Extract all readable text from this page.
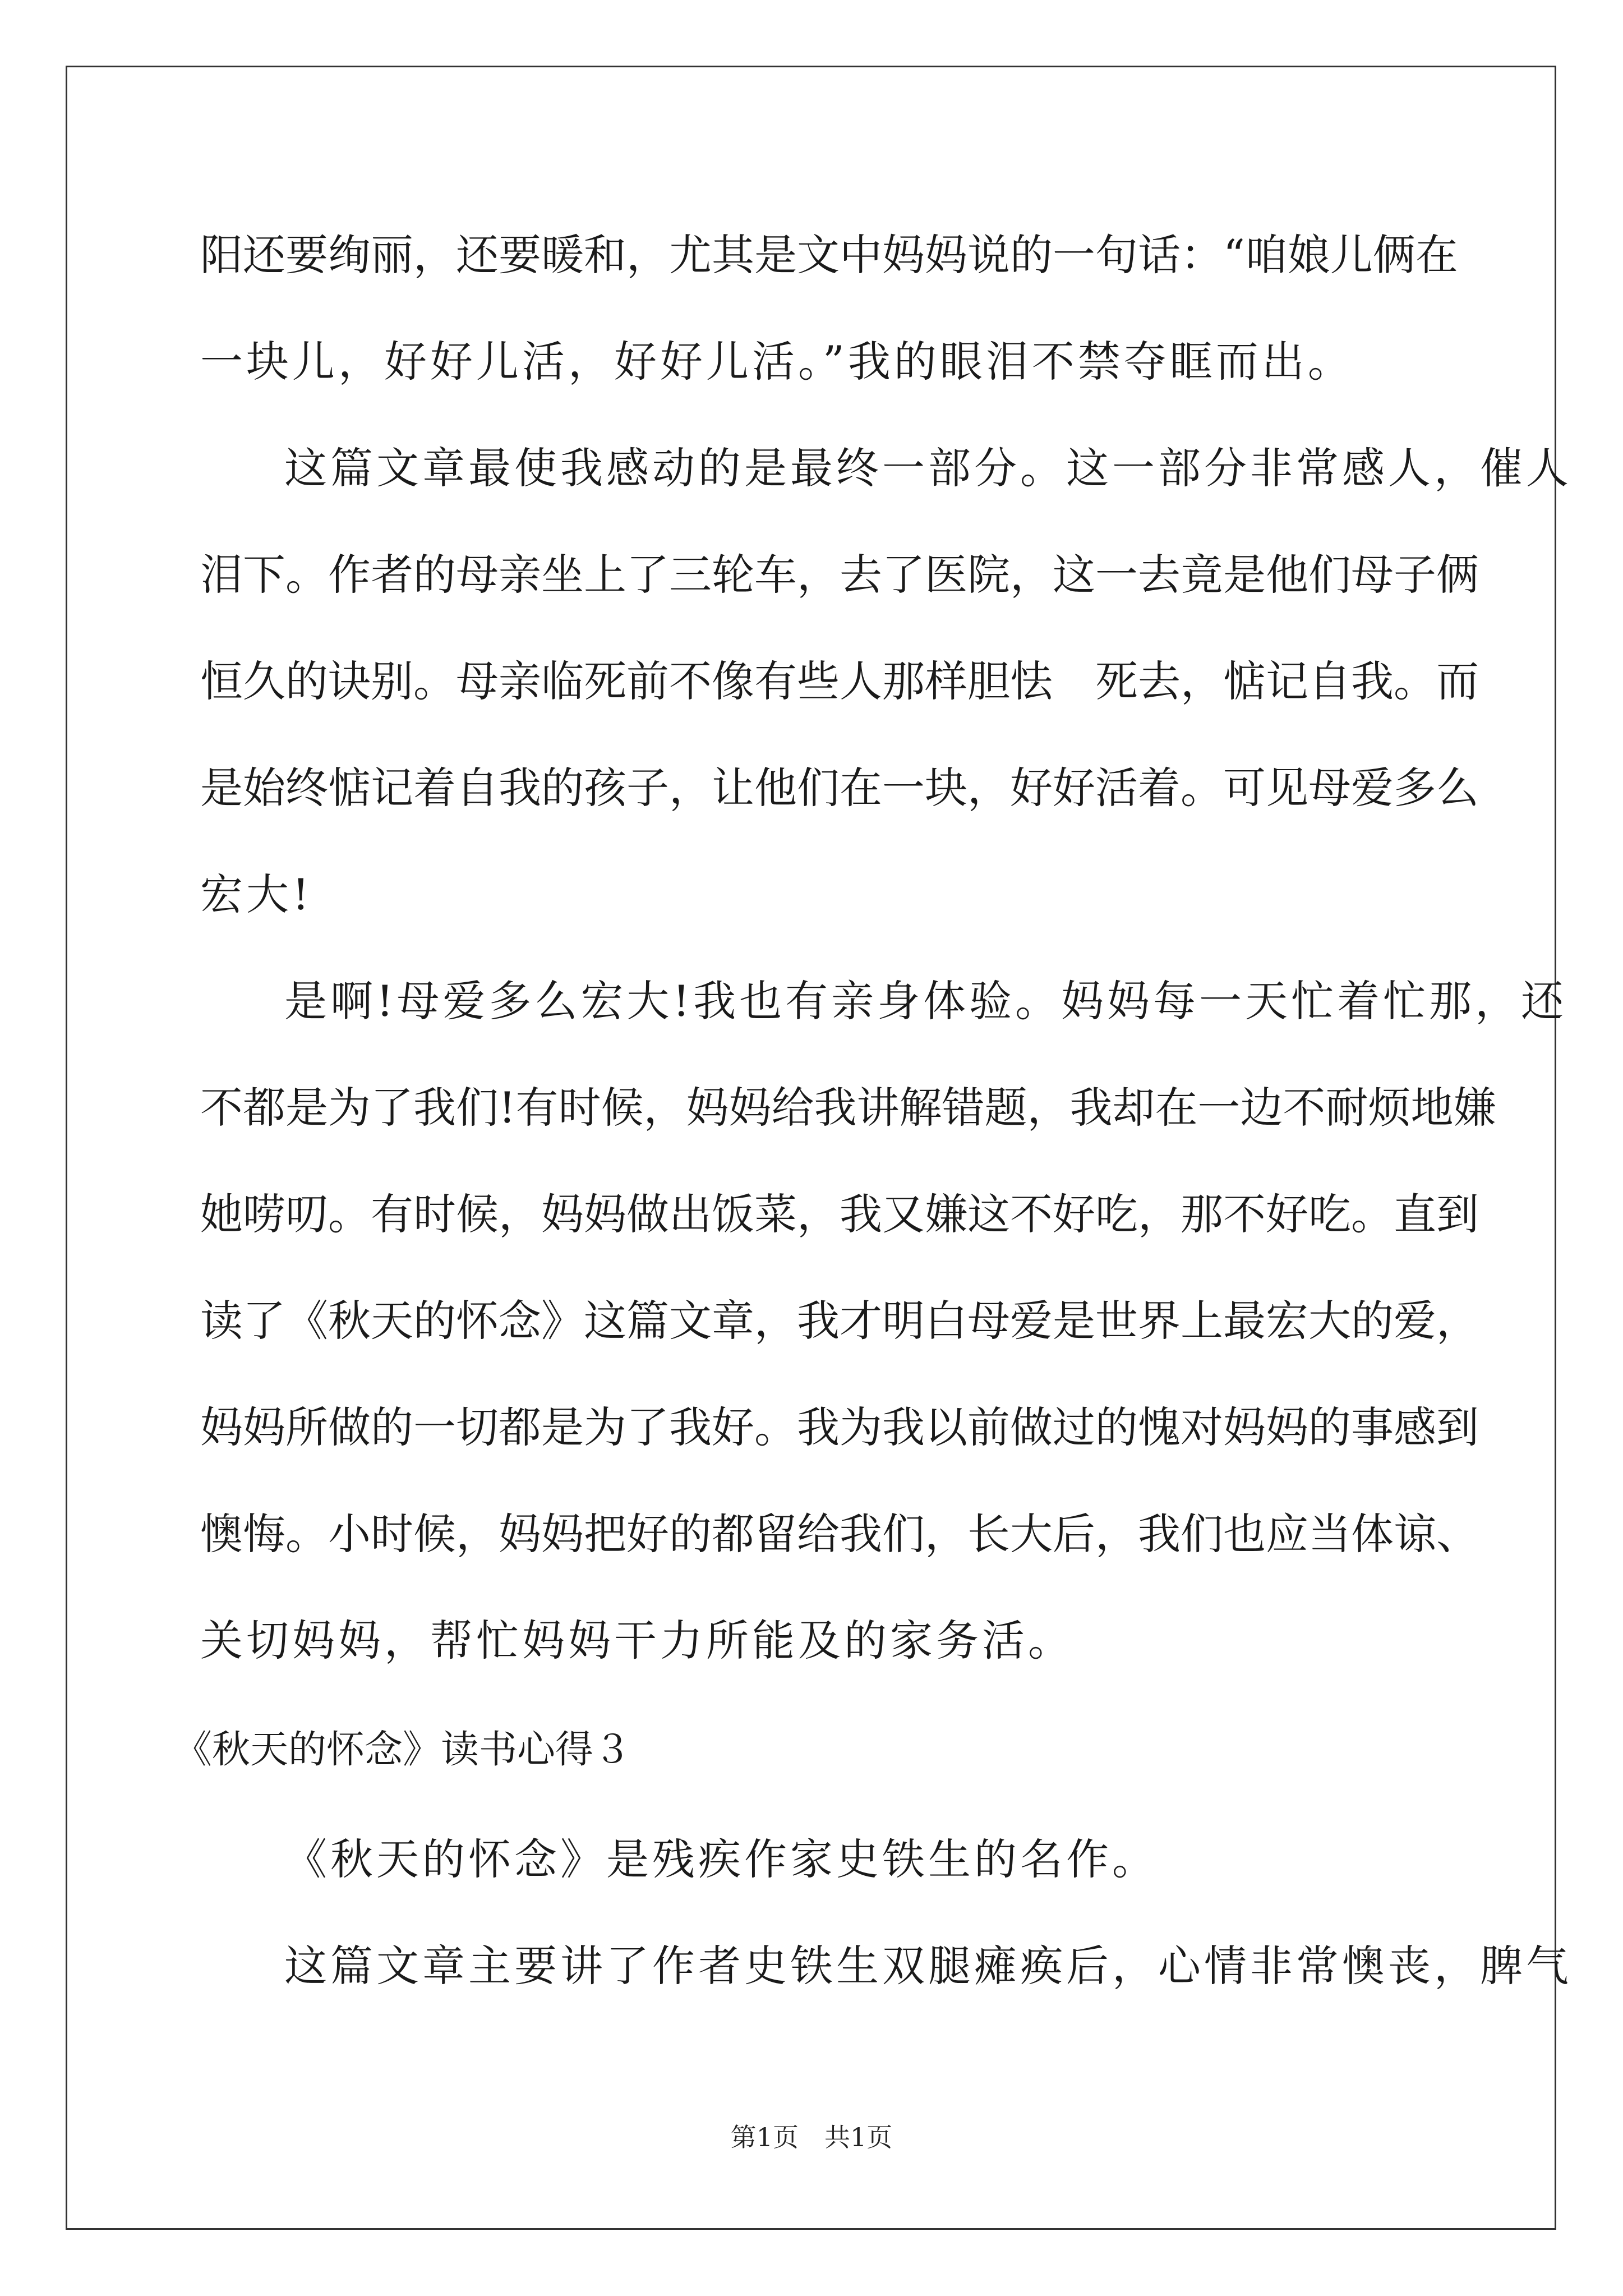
阳还要绚丽，还要暖和，尤其是文中妈妈说的一句话：“咱娘儿俩在
一块儿，好好儿活，好好儿活。”我的眼泪不禁夺眶而出。
这篇文章最使我感动的是最终一部分。这一部分非常感人，催人
泪下。作者的母亲坐上了三轮车，去了医院，这一去竟是他们母子俩
恒久的诀别。母亲临死前不像有些人那样胆怯　死去，惦记自我。而
是始终惦记着自我的孩子，让他们在一块，好好活着。可见母爱多么
宏大!
是啊!母爱多么宏大!我也有亲身体验。妈妈每一天忙着忙那，还
不都是为了我们!有时候，妈妈给我讲解错题，我却在一边不耐烦地嫌
她唠叨。有时候，妈妈做出饭菜，我又嫌这不好吃，那不好吃。直到
读了《秋天的怀念》这篇文章，我才明白母爱是世界上最宏大的爱，
妈妈所做的一切都是为了我好。我为我以前做过的愧对妈妈的事感到
懊悔。小时候，妈妈把好的都留给我们，长大后，我们也应当体谅、
关切妈妈，帮忙妈妈干力所能及的家务活。
《秋天的怀念》读书心得３
《秋天的怀念》是残疾作家史铁生的名作。
这篇文章主要讲了作者史铁生双腿瘫痪后，心情非常懊丧，脾气
第1页　共1页
